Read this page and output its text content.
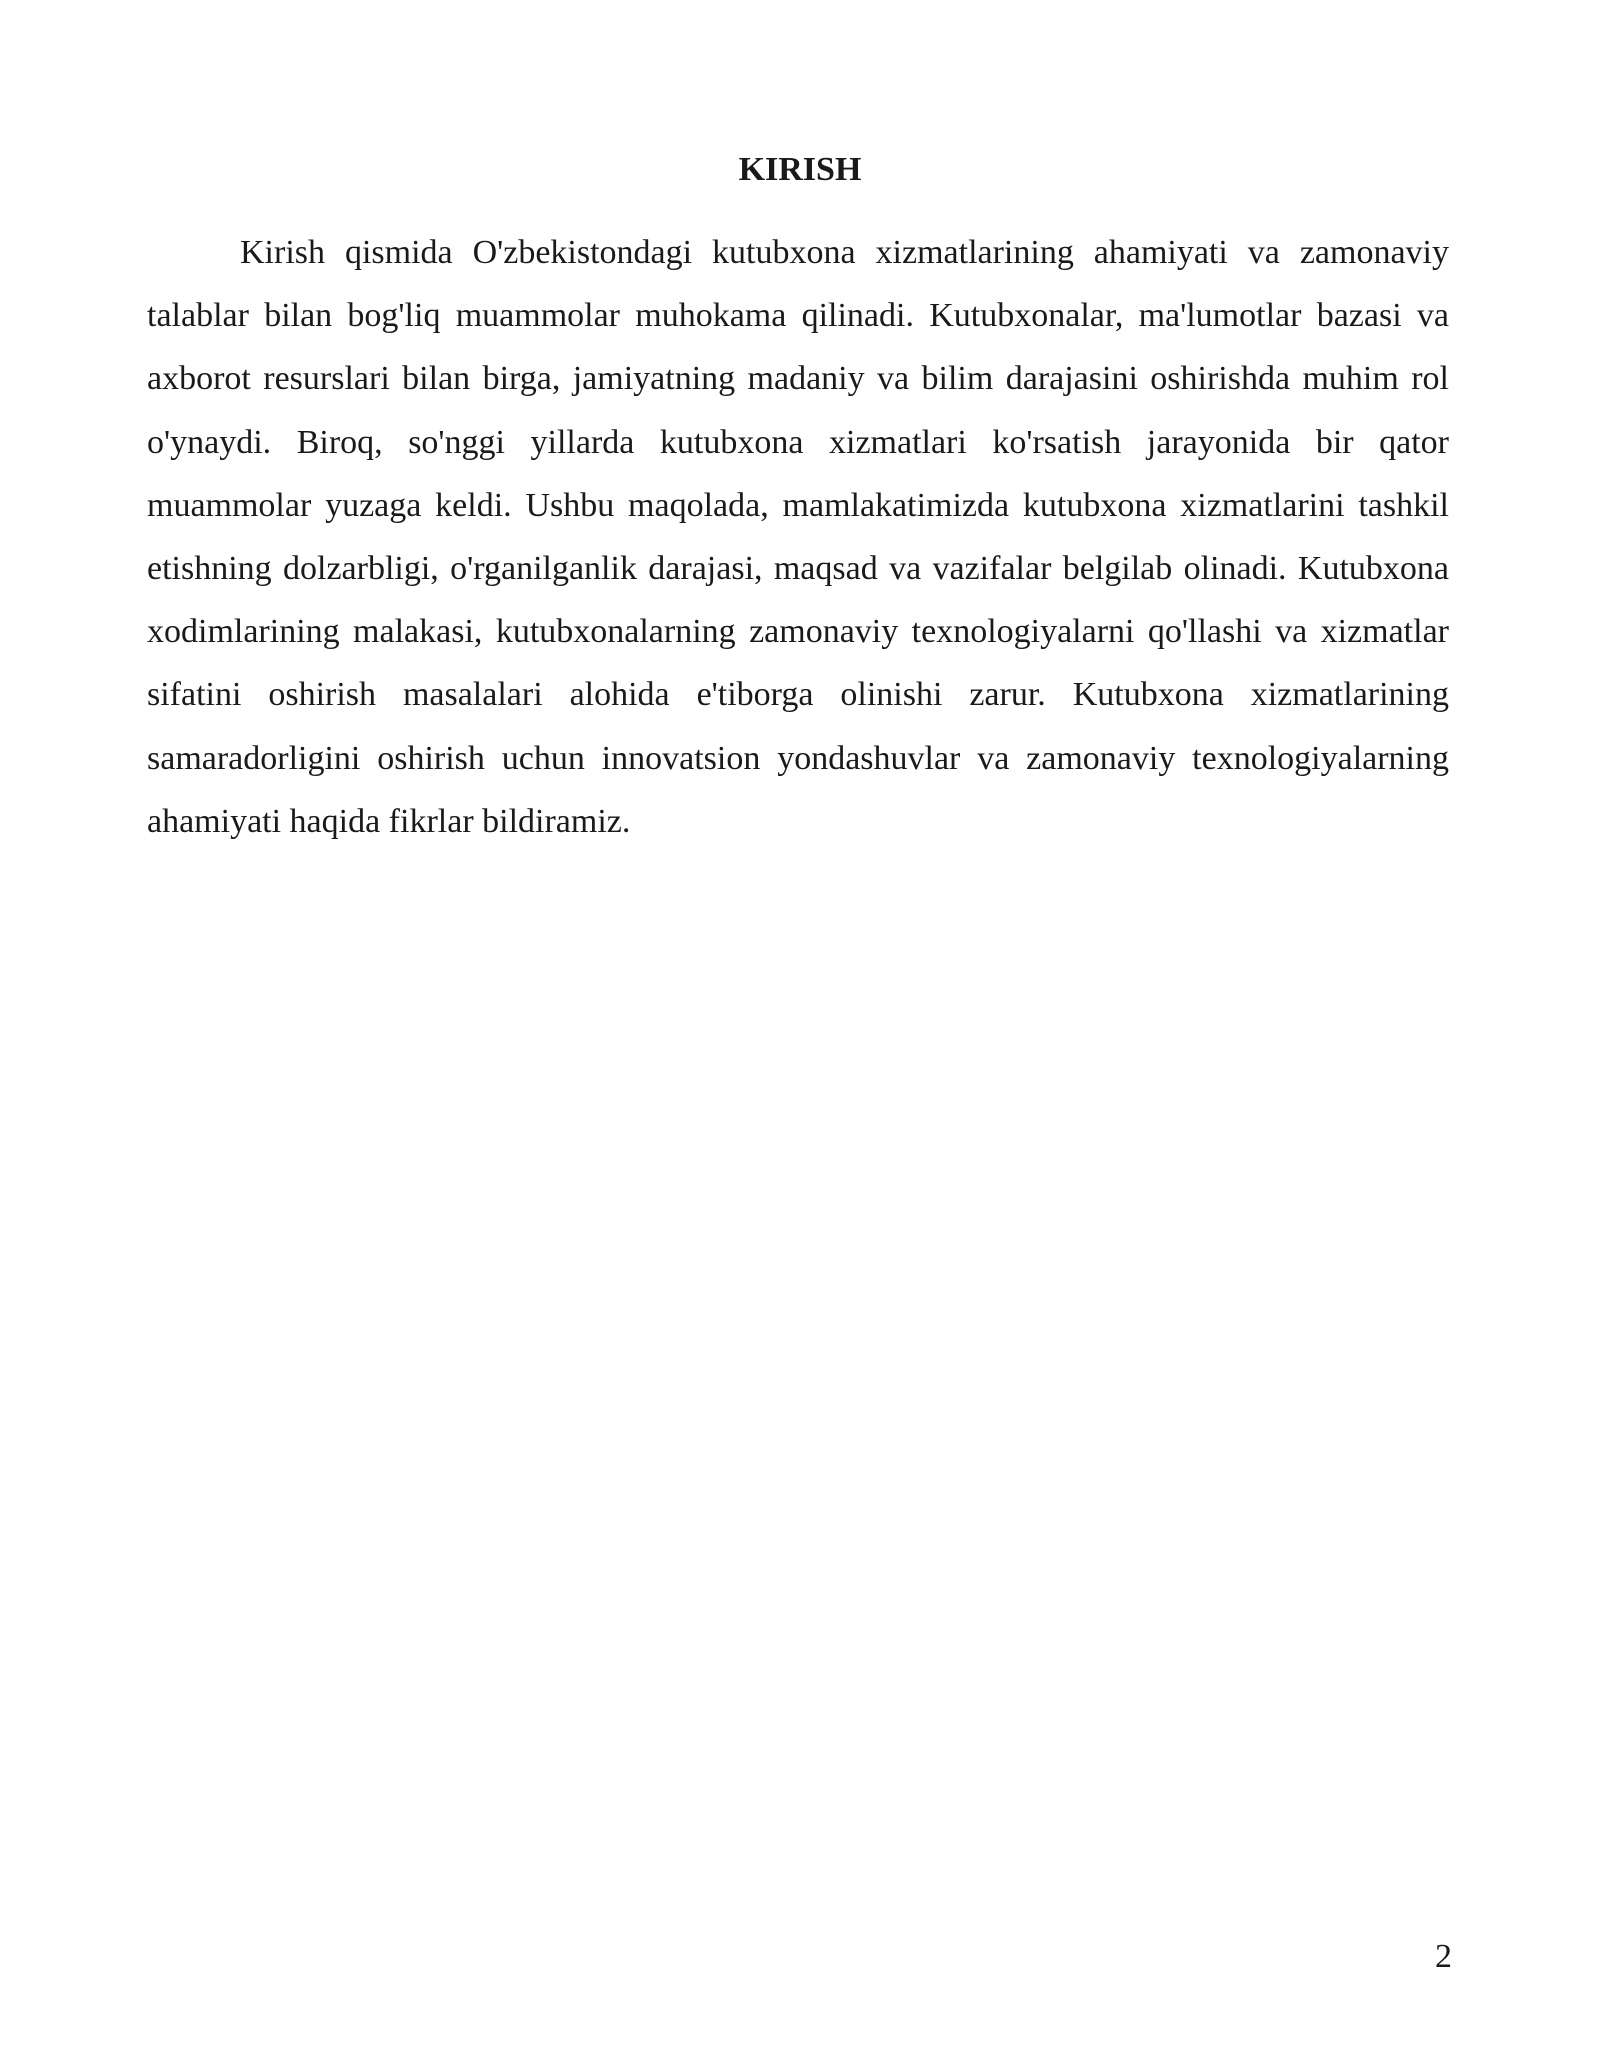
KIRISH

Kirish qismida O'zbekistondagi kutubxona xizmatlarining ahamiyati va zamonaviy talablar bilan bog'liq muammolar muhokama qilinadi. Kutubxonalar, ma'lumotlar bazasi va axborot resurslari bilan birga, jamiyatning madaniy va bilim darajasini oshirishda muhim rol o'ynaydi. Biroq, so'nggi yillarda kutubxona xizmatlari ko'rsatish jarayonida bir qator muammolar yuzaga keldi. Ushbu maqolada, mamlakatimizda kutubxona xizmatlarini tashkil etishning dolzarbligi, o'rganilganlik darajasi, maqsad va vazifalar belgilab olinadi. Kutubxona xodimlarining malakasi, kutubxonalarning zamonaviy texnologiyalarni qo'llashi va xizmatlar sifatini oshirish masalalari alohida e'tiborga olinishi zarur. Kutubxona xizmatlarining samaradorligini oshirish uchun innovatsion yondashuvlar va zamonaviy texnologiyalarning ahamiyati haqida fikrlar bildiramiz.

2
